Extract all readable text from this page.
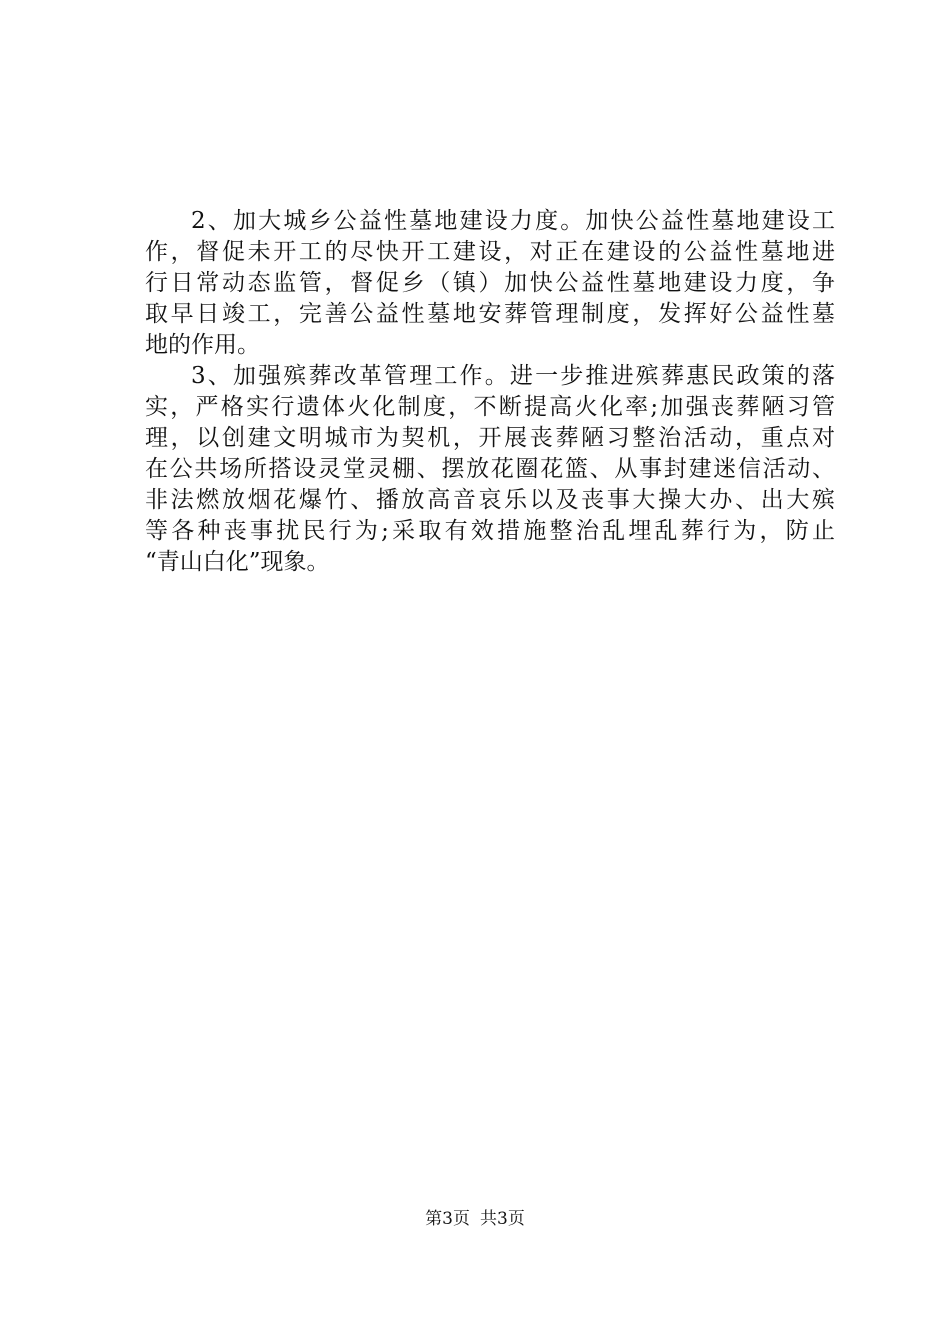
2、加大城乡公益性墓地建设力度。加快公益性墓地建设工
作，督促未开工的尽快开工建设，对正在建设的公益性墓地进
行日常动态监管，督促乡（镇）加快公益性墓地建设力度，争
取早日竣工，完善公益性墓地安葬管理制度，发挥好公益性墓
地的作用。
3、加强殡葬改革管理工作。进一步推进殡葬惠民政策的落
实，严格实行遗体火化制度，不断提高火化率;加强丧葬陋习管
理，以创建文明城市为契机，开展丧葬陋习整治活动，重点对
在公共场所搭设灵堂灵棚、摆放花圈花篮、从事封建迷信活动、
非法燃放烟花爆竹、播放高音哀乐以及丧事大操大办、出大殡
等各种丧事扰民行为;采取有效措施整治乱埋乱葬行为，防止
“青山白化”现象。
第3页 共3页
